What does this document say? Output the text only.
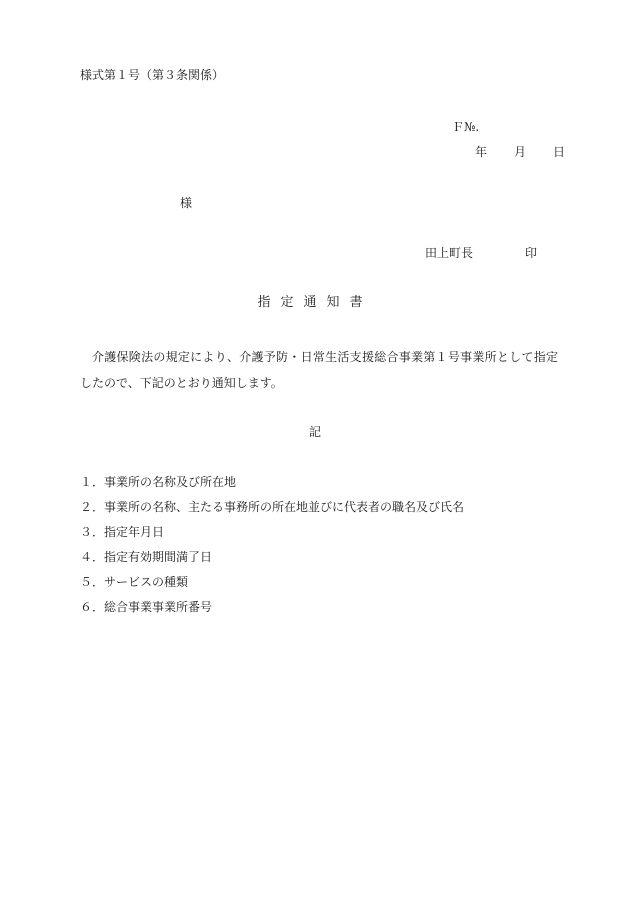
様式第１号（第３条関係）
Ｆ№.
年 月 日
様
田上町長	印
指定通知書
介護保険法の規定により、介護予防・日常生活支援総合事業第１号事業所として指定したので、下記のとおり通知します。
記
１．事業所の名称及び所在地
２．事業所の名称、主たる事務所の所在地並びに代表者の職名及び氏名
３．指定年月日
４．指定有効期間満了日
５．サービスの種類
６．総合事業事業所番号
